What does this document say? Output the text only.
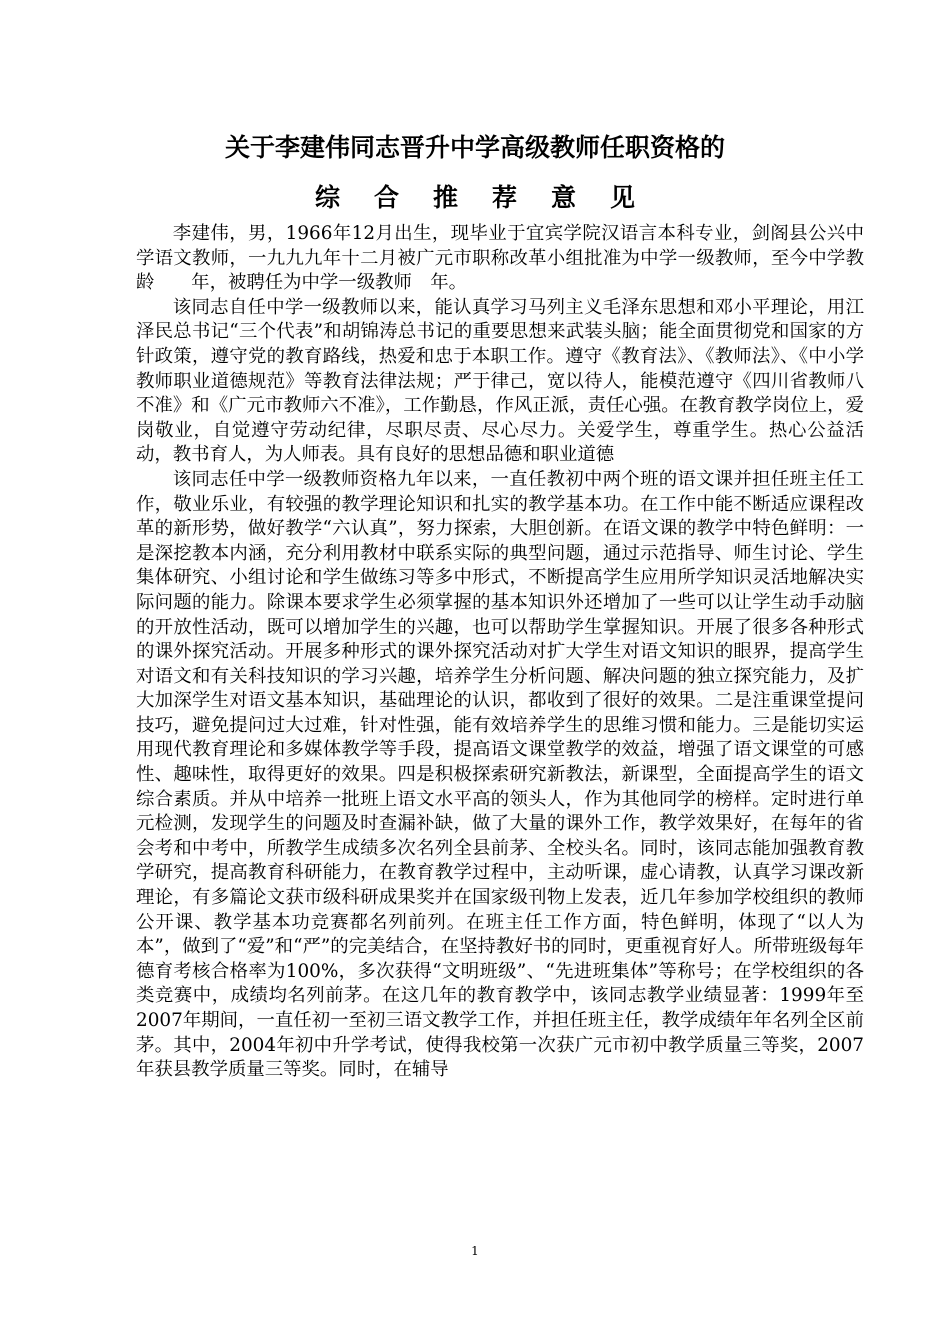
关于李建伟同志晋升中学高级教师任职资格的
综合推荐意见

李建伟，男，1966年12月出生，现毕业于宜宾学院汉语言本科专业，剑阁县公兴中学语文教师，一九九九年十二月被广元市职称改革小组批准为中学一级教师，至今中学教龄　　年，被聘任为中学一级教师　年。

该同志自任中学一级教师以来，能认真学习马列主义毛泽东思想和邓小平理论，用江泽民总书记“三个代表”和胡锦涛总书记的重要思想来武装头脑；能全面贯彻党和国家的方针政策，遵守党的教育路线，热爱和忠于本职工作。遵守《教育法》、《教师法》、《中小学教师职业道德规范》等教育法律法规；严于律己，宽以待人，能模范遵守《四川省教师八不准》和《广元市教师六不准》，工作勤恳，作风正派，责任心强。在教育教学岗位上，爱岗敬业，自觉遵守劳动纪律，尽职尽责、尽心尽力。关爱学生，尊重学生。热心公益活动，教书育人，为人师表。具有良好的思想品德和职业道德

该同志任中学一级教师资格九年以来，一直任教初中两个班的语文课并担任班主任工作，敬业乐业，有较强的教学理论知识和扎实的教学基本功。在工作中能不断适应课程改革的新形势，做好教学“六认真”，努力探索，大胆创新。在语文课的教学中特色鲜明：一是深挖教本内涵，充分利用教材中联系实际的典型问题，通过示范指导、师生讨论、学生集体研究、小组讨论和学生做练习等多中形式，不断提高学生应用所学知识灵活地解决实际问题的能力。除课本要求学生必须掌握的基本知识外还增加了一些可以让学生动手动脑的开放性活动，既可以增加学生的兴趣，也可以帮助学生掌握知识。开展了很多各种形式的课外探究活动。开展多种形式的课外探究活动对扩大学生对语文知识的眼界，提高学生对语文和有关科技知识的学习兴趣，培养学生分析问题、解决问题的独立探究能力，及扩大加深学生对语文基本知识，基础理论的认识，都收到了很好的效果。二是注重课堂提问技巧，避免提问过大过难，针对性强，能有效培养学生的思维习惯和能力。三是能切实运用现代教育理论和多媒体教学等手段，提高语文课堂教学的效益，增强了语文课堂的可感性、趣味性，取得更好的效果。四是积极探索研究新教法，新课型，全面提高学生的语文综合素质。并从中培养一批班上语文水平高的领头人，作为其他同学的榜样。定时进行单元检测，发现学生的问题及时查漏补缺，做了大量的课外工作，教学效果好，在每年的省会考和中考中，所教学生成绩多次名列全县前茅、全校头名。同时，该同志能加强教育教学研究，提高教育科研能力，在教育教学过程中，主动听课，虚心请教，认真学习课改新理论，有多篇论文获市级科研成果奖并在国家级刊物上发表，近几年参加学校组织的教师公开课、教学基本功竞赛都名列前列。在班主任工作方面，特色鲜明，体现了“以人为本”，做到了“爱”和“严”的完美结合，在坚持教好书的同时，更重视育好人。所带班级每年德育考核合格率为100%，多次获得“文明班级”、“先进班集体”等称号；在学校组织的各类竞赛中，成绩均名列前茅。在这几年的教育教学中，该同志教学业绩显著：1999年至2007年期间，一直任初一至初三语文教学工作，并担任班主任，教学成绩年年名列全区前茅。其中，2004年初中升学考试，使得我校第一次获广元市初中教学质量三等奖，2007年获县教学质量三等奖。同时，在辅导

1
